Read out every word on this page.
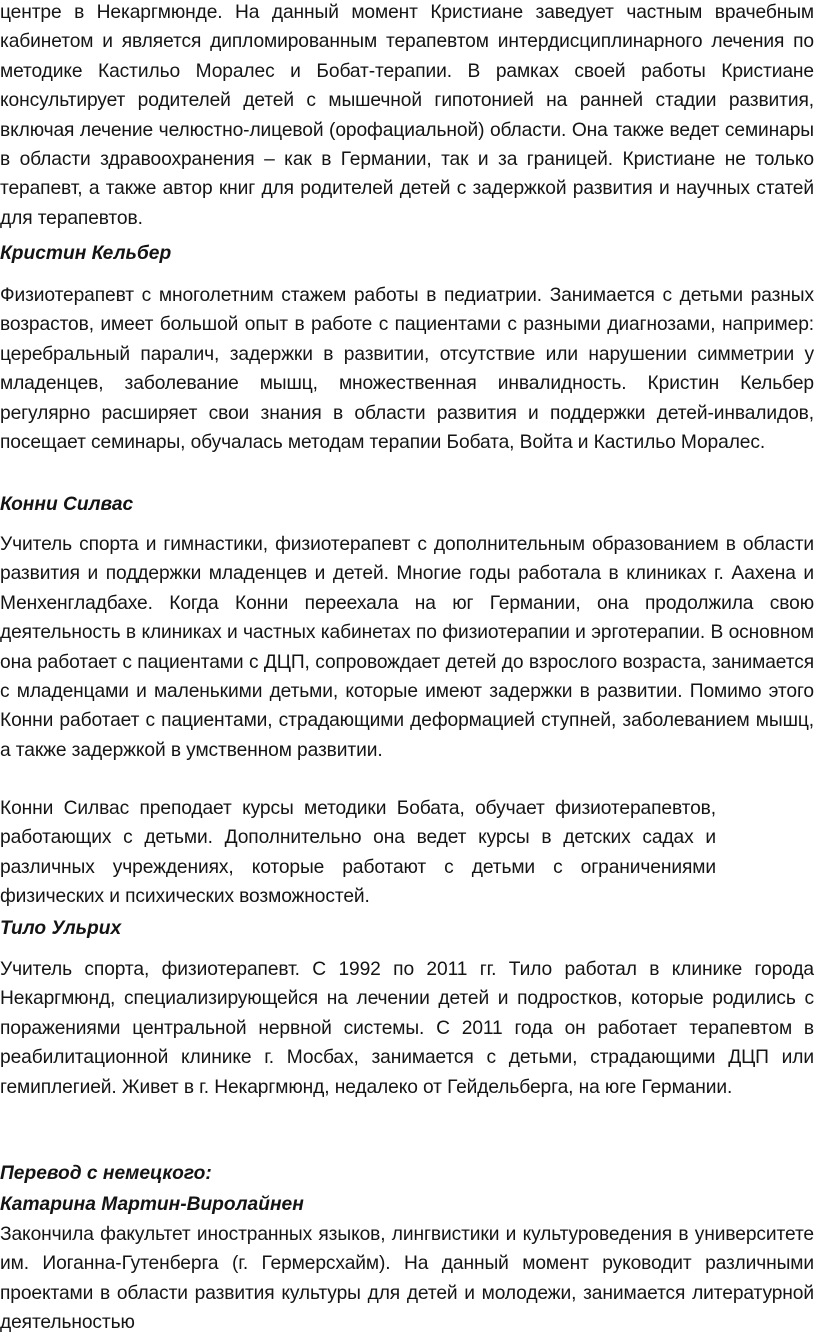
центре в Некаргмюнде. На данный момент Кристиане заведует частным врачебным кабинетом и является дипломированным терапевтом интердисциплинарного лечения по методике Кастильо Моралес и Бобат-терапии. В рамках своей работы Кристиане консультирует родителей детей с мышечной гипотонией на ранней стадии развития, включая лечение челюстно-лицевой (орофациальной) области. Она также ведет семинары в области здравоохранения – как в Германии, так и за границей. Кристиане не только терапевт, а также автор книг для родителей детей с задержкой развития и научных статей для терапевтов.

Кристин Кельбер

Физиотерапевт с многолетним стажем работы в педиатрии. Занимается с детьми разных возрастов, имеет большой опыт в работе с пациентами с разными диагнозами, например: церебральный паралич, задержки в развитии, отсутствие или нарушении симметрии у младенцев, заболевание мышц, множественная инвалидность. Кристин Кельбер регулярно расширяет свои знания в области развития и поддержки детей-инвалидов, посещает семинары, обучалась методам терапии Бобата, Войта и Кастильо Моралес.

Конни Силвас

Учитель спорта и гимнастики, физиотерапевт с дополнительным образованием в области развития и поддержки младенцев и детей. Многие годы работала в клиниках г. Аахена и Менхенгладбахе. Когда Конни переехала на юг Германии, она продолжила свою деятельность в клиниках и частных кабинетах по физиотерапии и эрготерапии. В основном она работает с пациентами с ДЦП, сопровождает детей до взрослого возраста, занимается с младенцами и маленькими детьми, которые имеют задержки в развитии. Помимо этого Конни работает с пациентами, страдающими деформацией ступней, заболеванием мышц, а также задержкой в умственном развитии.

Конни Силвас преподает курсы методики Бобата, обучает физиотерапевтов, работающих с детьми. Дополнительно она ведет курсы в детских садах и различных учреждениях, которые работают с детьми с ограничениями физических и психических возможностей.

Тило Ульрих

Учитель спорта, физиотерапевт. С 1992 по 2011 гг. Тило работал в клинике города Некаргмюнд, специализирующейся на лечении детей и подростков, которые родились с поражениями центральной нервной системы. С 2011 года он работает терапевтом в реабилитационной клинике г. Мосбах, занимается с детьми, страдающими ДЦП или гемиплегией. Живет в г. Некаргмюнд, недалеко от Гейдельберга, на юге Германии.

Перевод с немецкого:

Катарина Мартин-Виролайнен

Закончила факультет иностранных языков, лингвистики и культуроведения в университете им. Иоганна-Гутенберга (г. Гермерсхайм). На данный момент руководит различными проектами в области развития культуры для детей и молодежи, занимается литературной деятельностью
